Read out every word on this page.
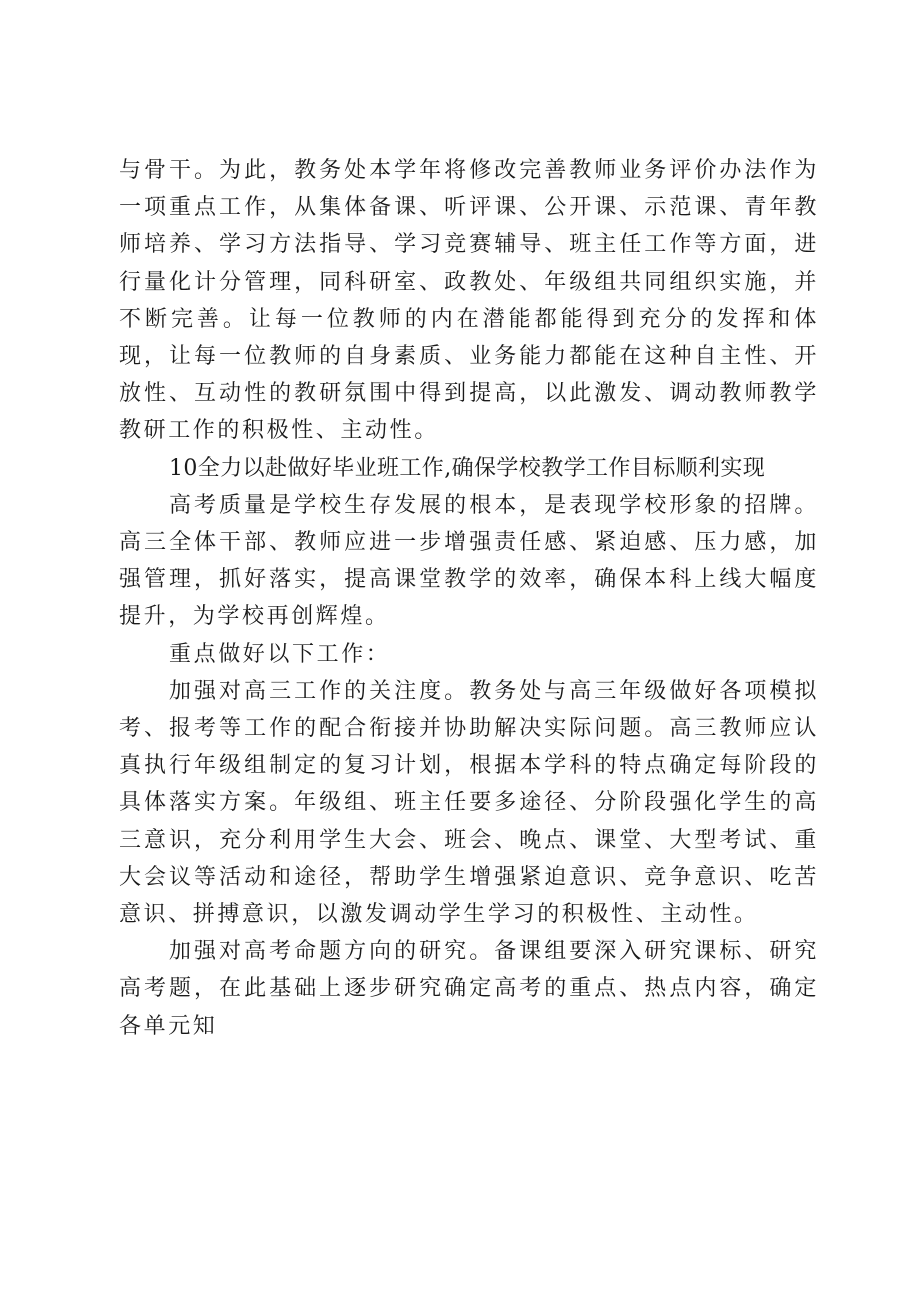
与骨干。为此，教务处本学年将修改完善教师业务评价办法作为一项重点工作，从集体备课、听评课、公开课、示范课、青年教师培养、学习方法指导、学习竞赛辅导、班主任工作等方面，进行量化计分管理，同科研室、政教处、年级组共同组织实施，并不断完善。让每一位教师的内在潜能都能得到充分的发挥和体现，让每一位教师的自身素质、业务能力都能在这种自主性、开放性、互动性的教研氛围中得到提高，以此激发、调动教师教学教研工作的积极性、主动性。

10全力以赴做好毕业班工作,确保学校教学工作目标顺利实现

高考质量是学校生存发展的根本，是表现学校形象的招牌。高三全体干部、教师应进一步增强责任感、紧迫感、压力感，加强管理，抓好落实，提高课堂教学的效率，确保本科上线大幅度提升，为学校再创辉煌。

重点做好以下工作：

加强对高三工作的关注度。教务处与高三年级做好各项模拟考、报考等工作的配合衔接并协助解决实际问题。高三教师应认真执行年级组制定的复习计划，根据本学科的特点确定每阶段的具体落实方案。年级组、班主任要多途径、分阶段强化学生的高三意识，充分利用学生大会、班会、晚点、课堂、大型考试、重大会议等活动和途径，帮助学生增强紧迫意识、竞争意识、吃苦意识、拼搏意识，以激发调动学生学习的积极性、主动性。

加强对高考命题方向的研究。备课组要深入研究课标、研究高考题，在此基础上逐步研究确定高考的重点、热点内容，确定各单元知
